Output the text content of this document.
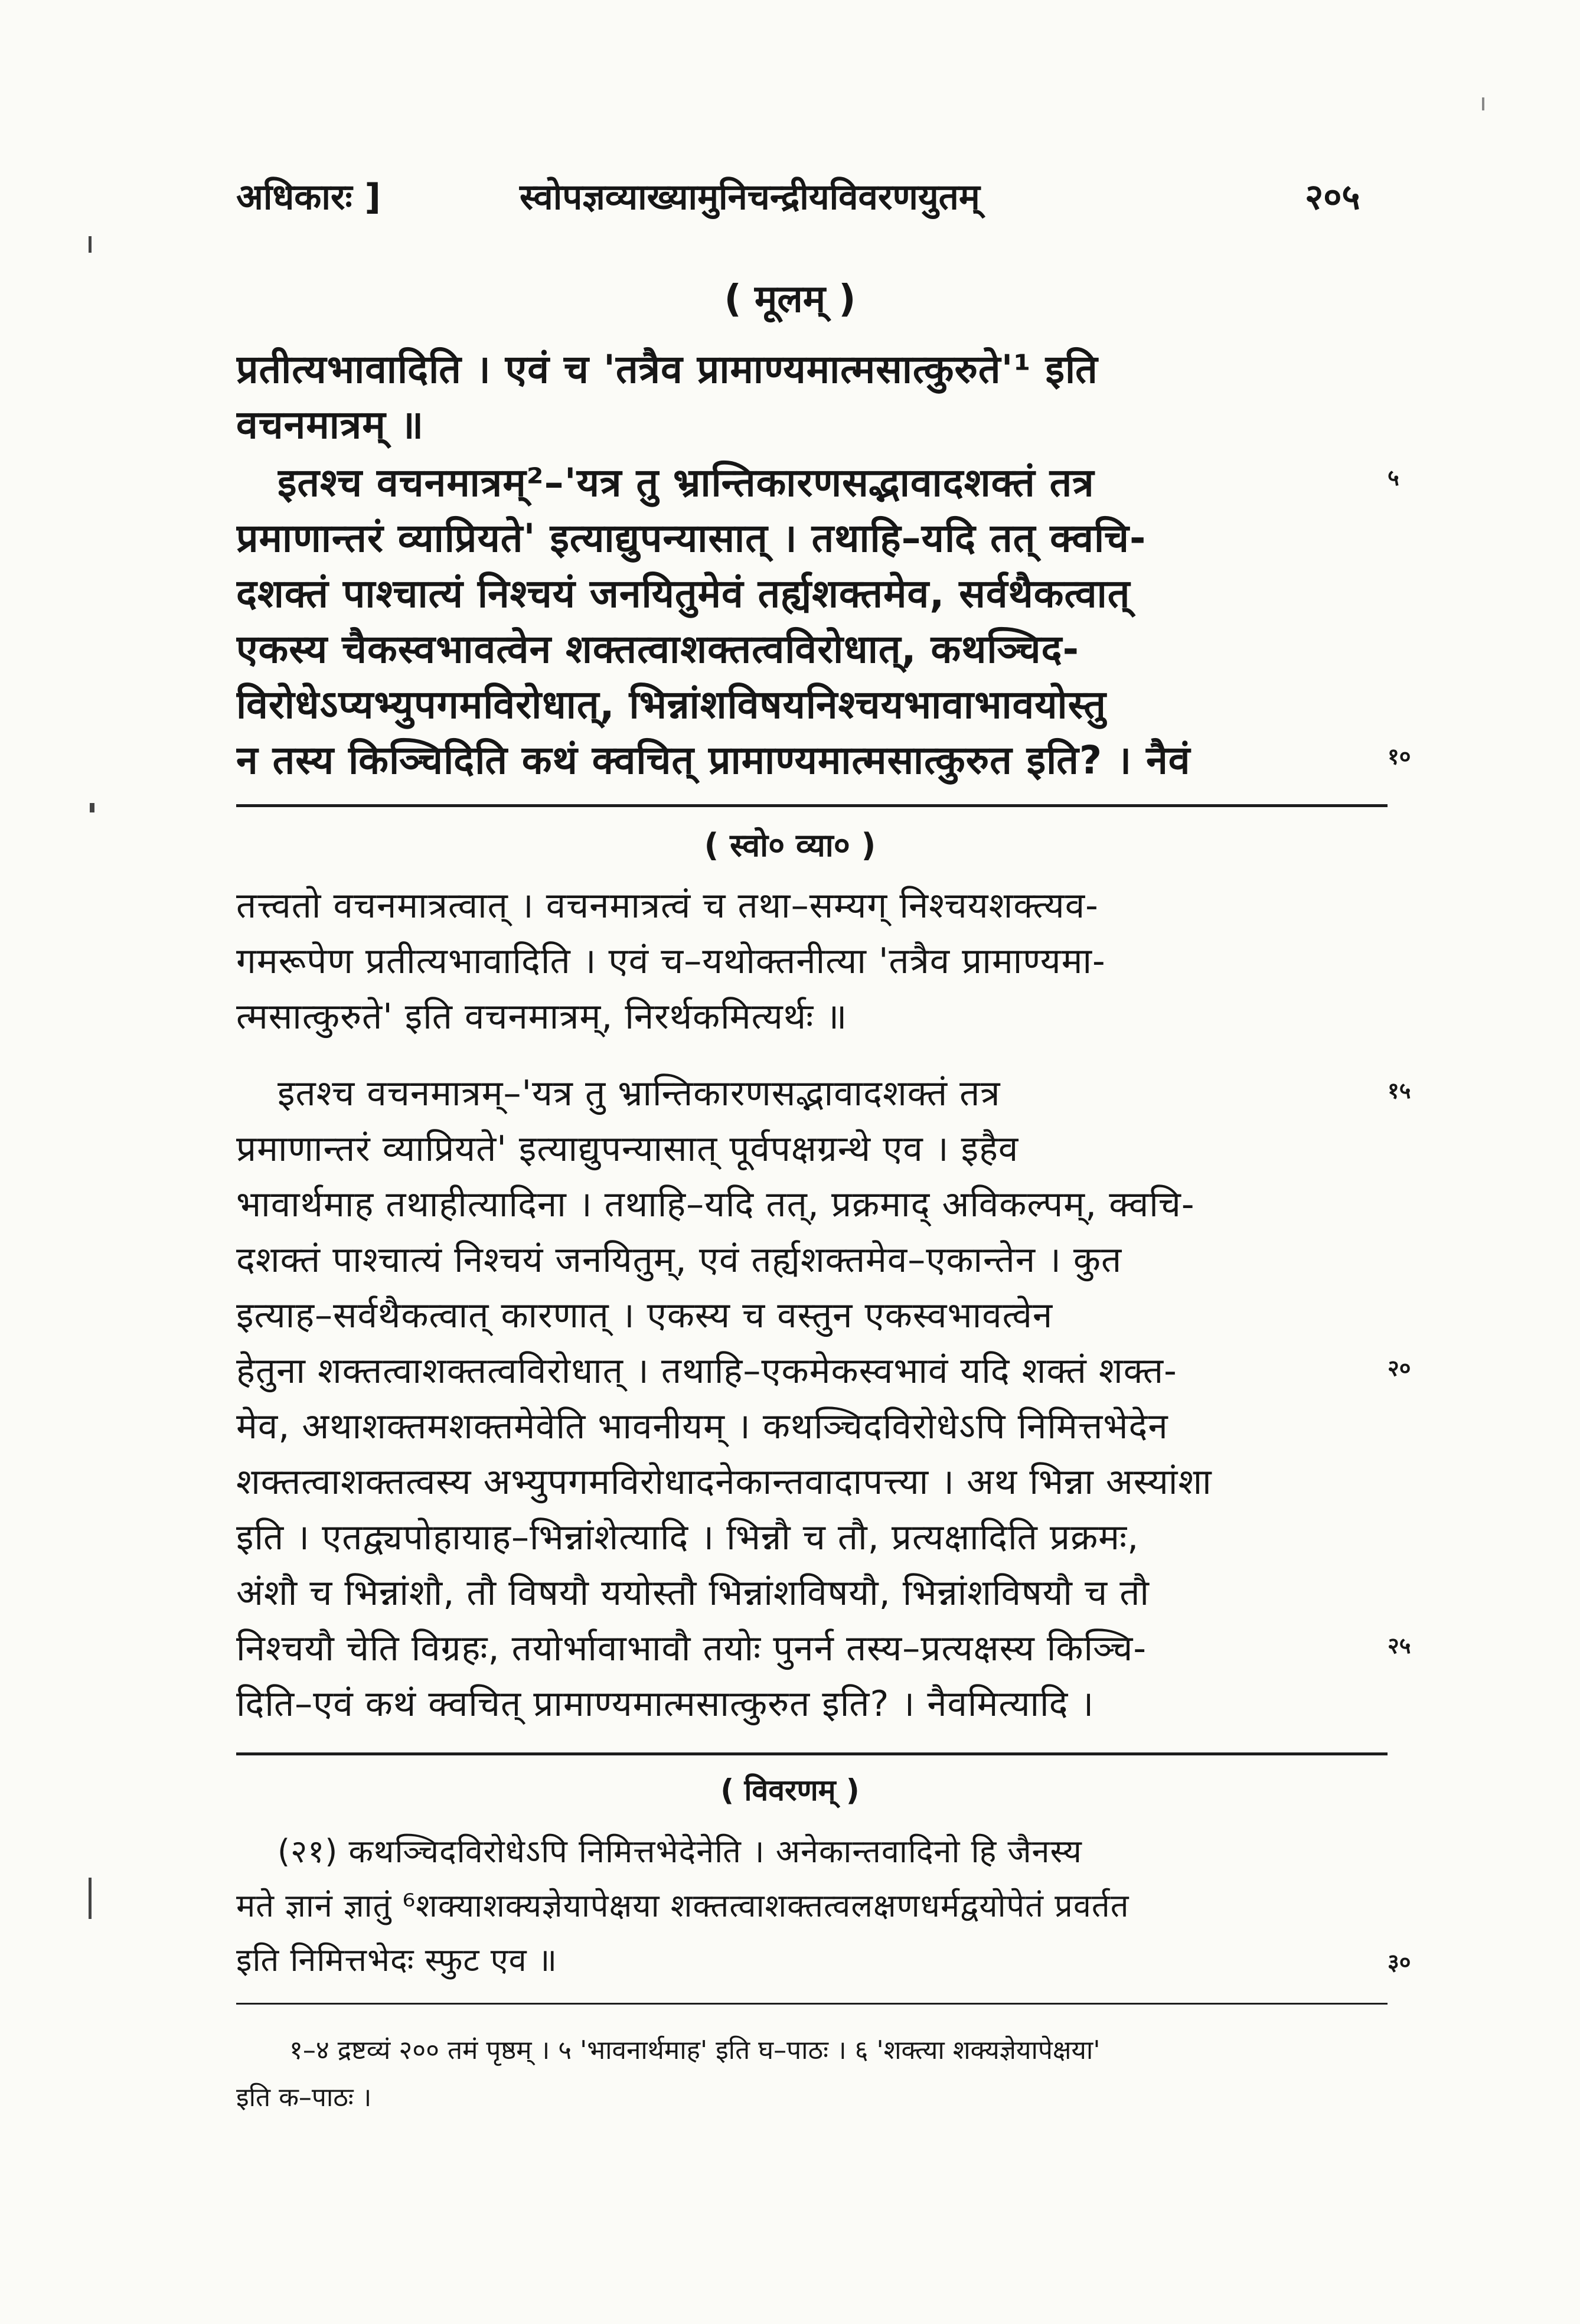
अधिकारः ]	स्वोपज्ञव्याख्यामुनिचन्द्रीयविवरणयुतम्	२०५
( मूलम् )
प्रतीत्यभावादिति । एवं च 'तत्रैव प्रामाण्यमात्मसात्कुरुते'¹ इति
वचनमात्रम् ॥
इतश्च वचनमात्रम्²–'यत्र तु भ्रान्तिकारणसद्भावादशक्तं तत्र
प्रमाणान्तरं व्याप्रियते' इत्याद्युपन्यासात् । तथाहि–यदि तत् क्वचि-
दशक्तं पाश्चात्यं निश्चयं जनयितुमेवं तर्ह्यशक्तमेव, सर्वथैकत्वात्
एकस्य चैकस्वभावत्वेन शक्तत्वाशक्तत्वविरोधात्, कथञ्चिद-
विरोधेऽप्यभ्युपगमविरोधात्, भिन्नांशविषयनिश्चयभावाभावयोस्तु
न तस्य किञ्चिदिति कथं क्वचित् प्रामाण्यमात्मसात्कुरुत इति? । नैवं
५
१०
( स्वो० व्या० )
तत्त्वतो वचनमात्रत्वात् । वचनमात्रत्वं च तथा–सम्यग् निश्चयशक्त्यव-
गमरूपेण प्रतीत्यभावादिति । एवं च–यथोक्तनीत्या 'तत्रैव प्रामाण्यमा-
त्मसात्कुरुते' इति वचनमात्रम्, निरर्थकमित्यर्थः ॥
इतश्च वचनमात्रम्–'यत्र तु भ्रान्तिकारणसद्भावादशक्तं तत्र
प्रमाणान्तरं व्याप्रियते' इत्याद्युपन्यासात् पूर्वपक्षग्रन्थे एव । इहैव
भावार्थमाह तथाहीत्यादिना । तथाहि–यदि तत्, प्रक्रमाद् अविकल्पम्, क्वचि-
दशक्तं पाश्चात्यं निश्चयं जनयितुम्, एवं तर्ह्यशक्तमेव–एकान्तेन । कुत
इत्याह–सर्वथैकत्वात् कारणात् । एकस्य च वस्तुन एकस्वभावत्वेन
हेतुना शक्तत्वाशक्तत्वविरोधात् । तथाहि–एकमेकस्वभावं यदि शक्तं शक्त-
मेव, अथाशक्तमशक्तमेवेति भावनीयम् । कथञ्चिदविरोधेऽपि निमित्तभेदेन
शक्तत्वाशक्तत्वस्य अभ्युपगमविरोधादनेकान्तवादापत्त्या । अथ भिन्ना अस्यांशा
इति । एतद्व्यपोहायाह–भिन्नांशेत्यादि । भिन्नौ च तौ, प्रत्यक्षादिति प्रक्रमः,
अंशौ च भिन्नांशौ, तौ विषयौ ययोस्तौ भिन्नांशविषयौ, भिन्नांशविषयौ च तौ
निश्चयौ चेति विग्रहः, तयोर्भावाभावौ तयोः पुनर्न तस्य–प्रत्यक्षस्य किञ्चि-
दिति–एवं कथं क्वचित् प्रामाण्यमात्मसात्कुरुत इति? । नैवमित्यादि ।
१५
२०
२५
( विवरणम् )
(२१) कथञ्चिदविरोधेऽपि निमित्तभेदेनेति । अनेकान्तवादिनो हि जैनस्य
मते ज्ञानं ज्ञातुं ⁶शक्याशक्यज्ञेयापेक्षया शक्तत्वाशक्तत्वलक्षणधर्मद्वयोपेतं प्रवर्तत
इति निमित्तभेदः स्फुट एव ॥	३०
१–४ द्रष्टव्यं २०० तमं पृष्ठम् । ५ 'भावनार्थमाह' इति घ–पाठः । ६ 'शक्त्या शक्यज्ञेयापेक्षया'
इति क–पाठः ।
